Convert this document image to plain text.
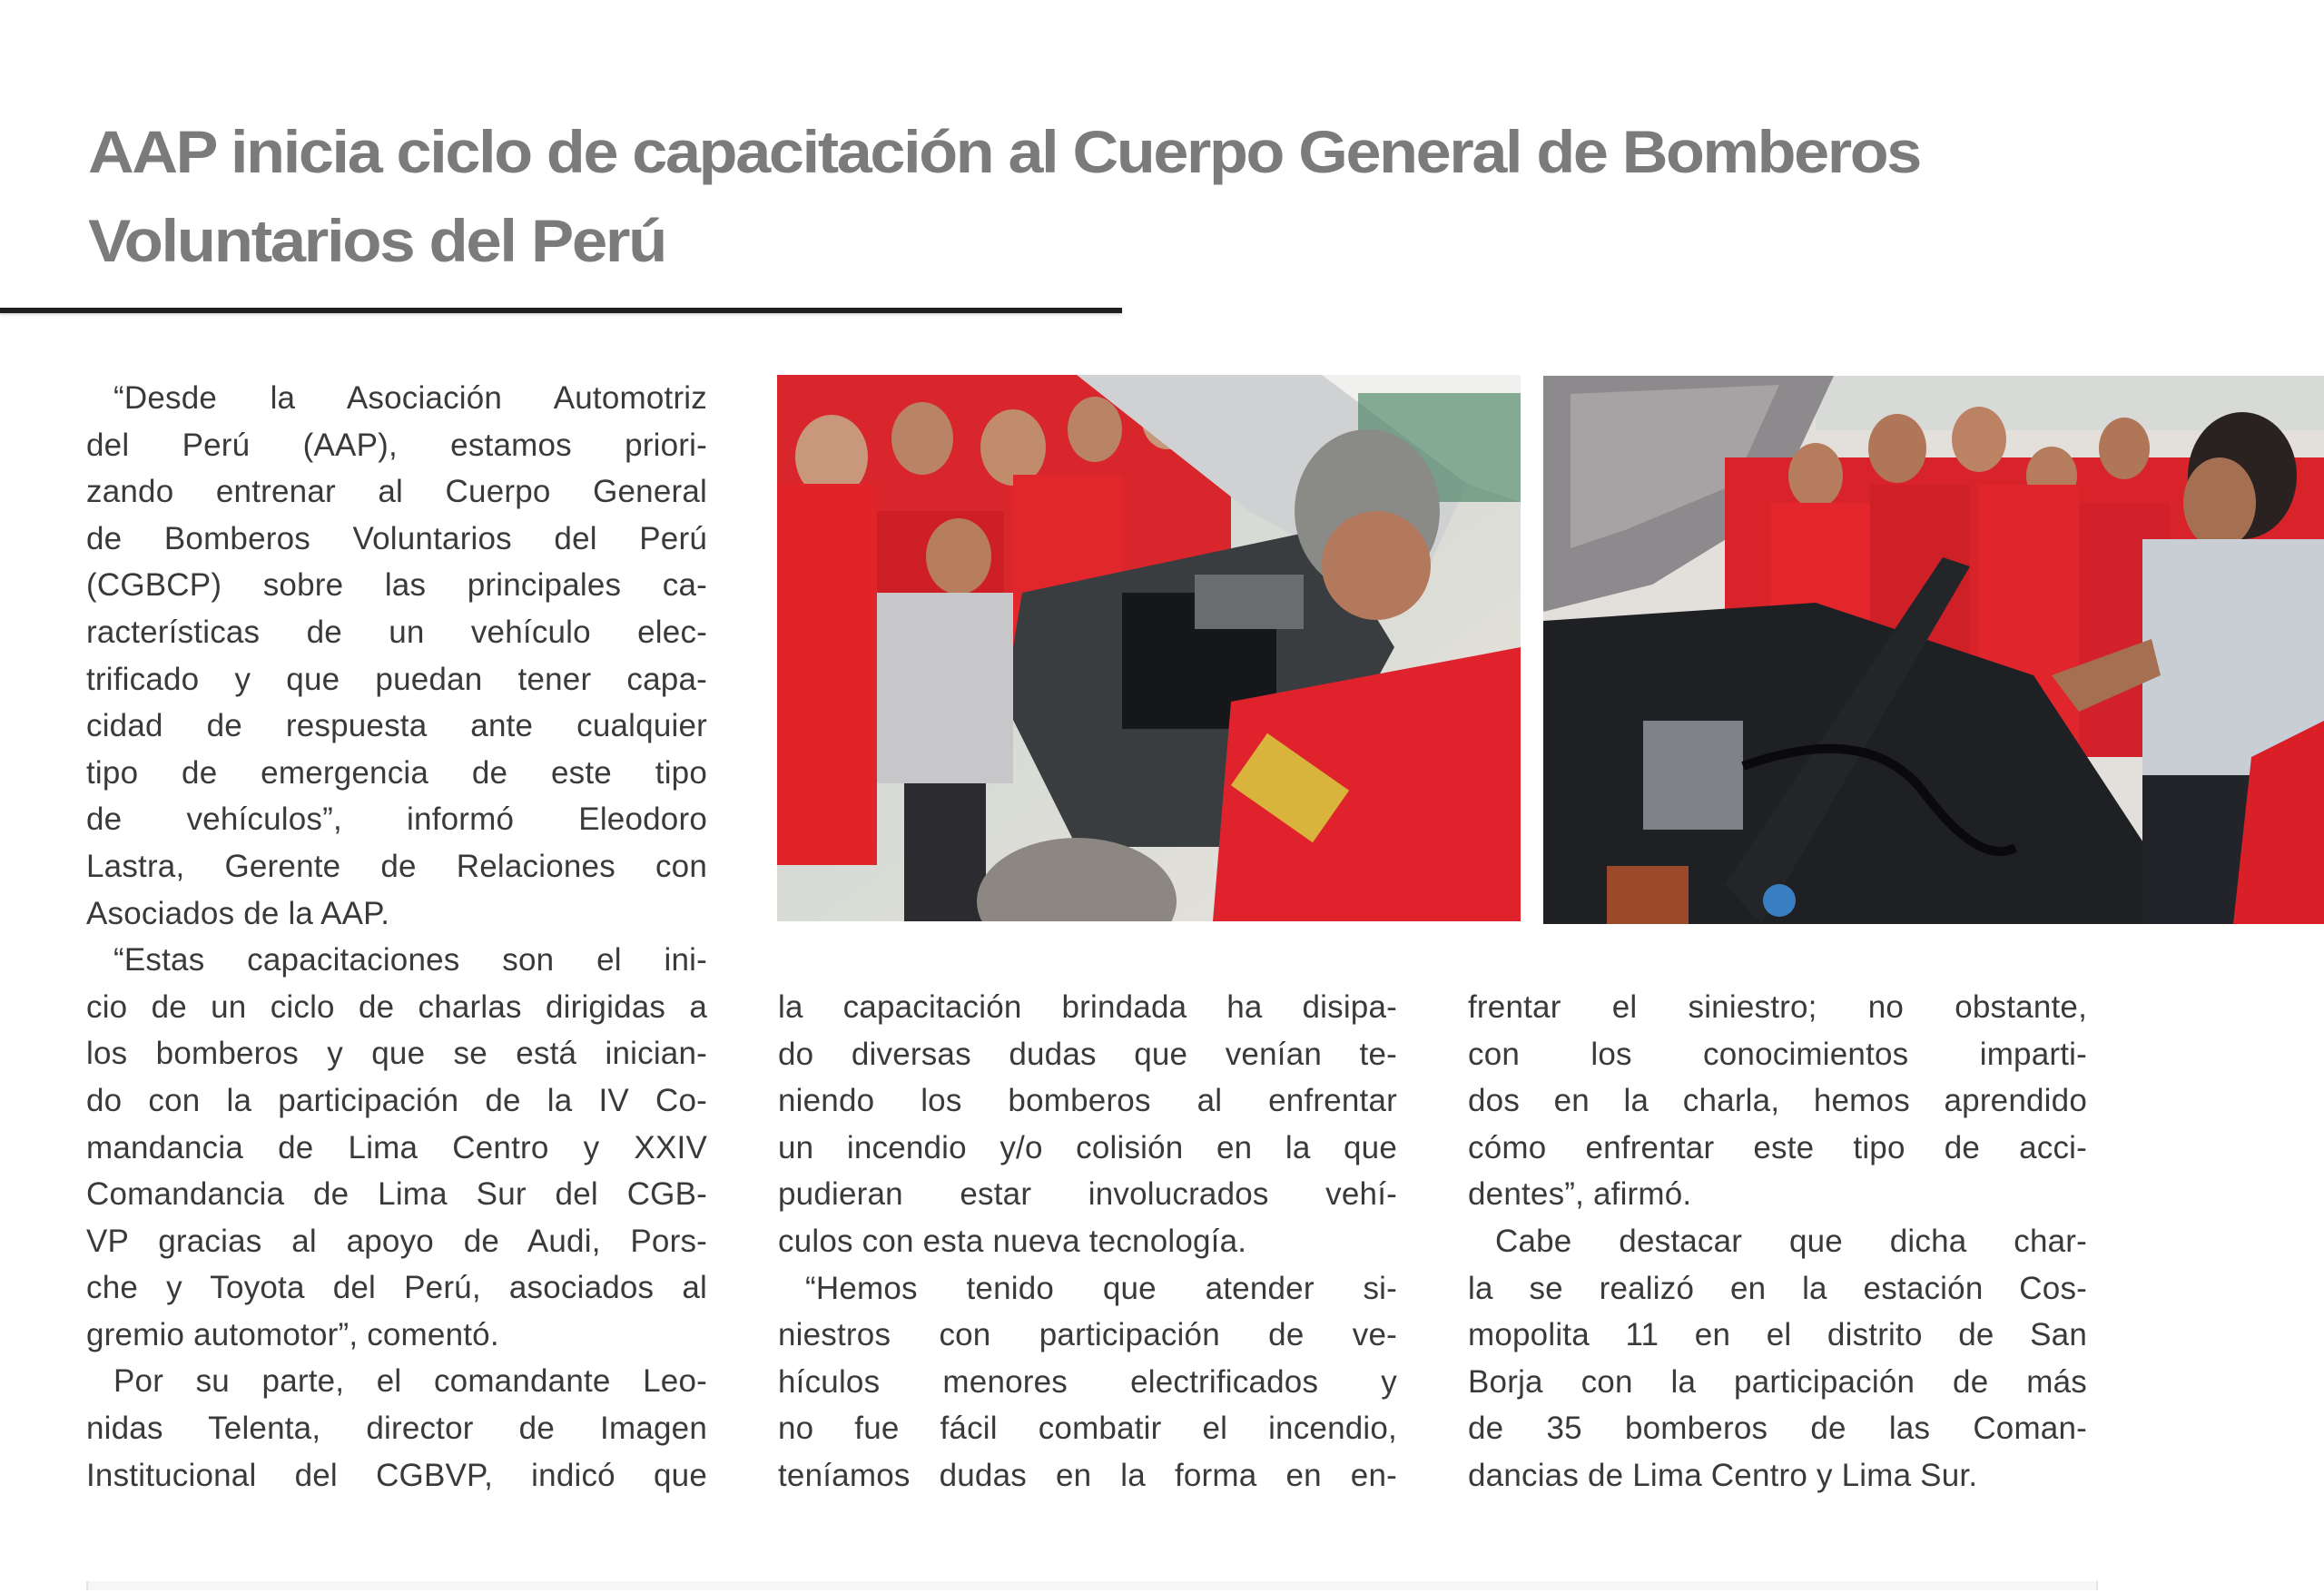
AAP inicia ciclo de capacitación al Cuerpo General de Bomberos
Voluntarios del Perú
“Desde la Asociación Automotriz
del Perú (AAP), estamos priori-
zando entrenar al Cuerpo General
de Bomberos Voluntarios del Perú
(CGBCP) sobre las principales ca-
racterísticas de un vehículo elec-
trificado y que puedan tener capa-
cidad de respuesta ante cualquier
tipo de emergencia de este tipo
de vehículos”, informó Eleodoro
Lastra, Gerente de Relaciones con
Asociados de la AAP.
“Estas capacitaciones son el ini-
cio de un ciclo de charlas dirigidas a
los bomberos y que se está inician-
do con la participación de la IV Co-
mandancia de Lima Centro y XXIV
Comandancia de Lima Sur del CGB-
VP gracias al apoyo de Audi, Pors-
che y Toyota del Perú, asociados al
gremio automotor”, comentó.
Por su parte, el comandante Leo-
nidas Telenta, director de Imagen
Institucional del CGBVP, indicó que
la capacitación brindada ha disipa-
do diversas dudas que venían te-
niendo los bomberos al enfrentar
un incendio y/o colisión en la que
pudieran estar involucrados vehí-
culos con esta nueva tecnología.
“Hemos tenido que atender si-
niestros con participación de ve-
hículos menores electrificados y
no fue fácil combatir el incendio,
teníamos dudas en la forma en en-
frentar el siniestro; no obstante,
con los conocimientos imparti-
dos en la charla, hemos aprendido
cómo enfrentar este tipo de acci-
dentes”, afirmó.
Cabe destacar que dicha char-
la se realizó en la estación Cos-
mopolita 11 en el distrito de San
Borja con la participación de más
de 35 bomberos de las Coman-
dancias de Lima Centro y Lima Sur.
